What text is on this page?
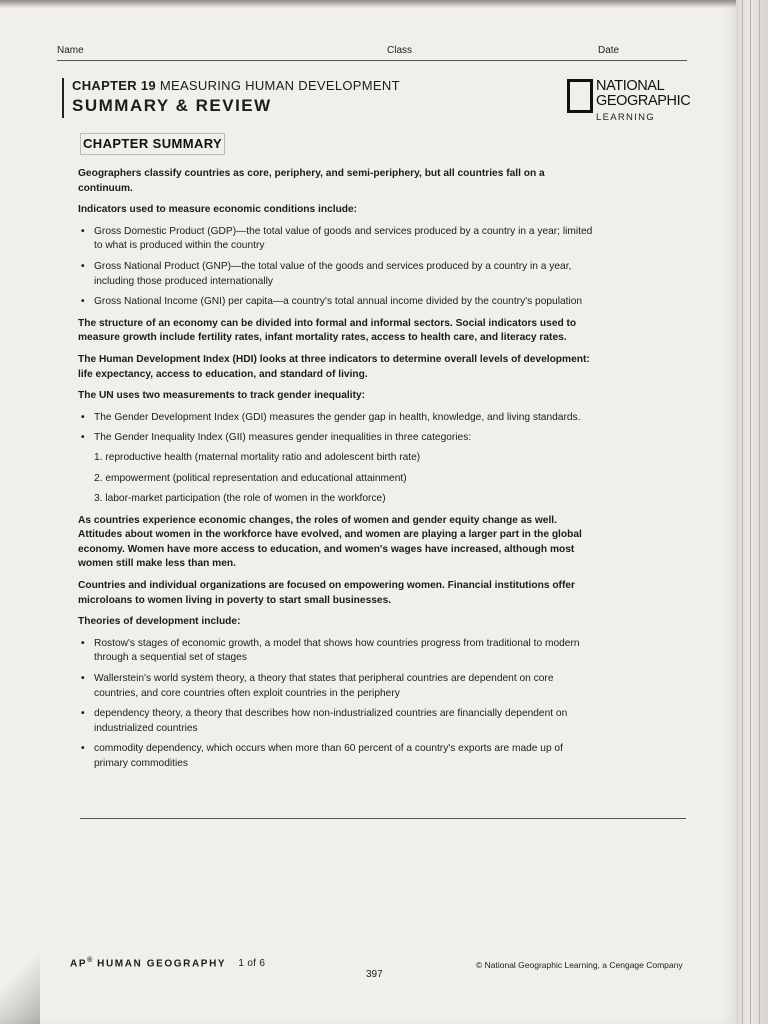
Name	Class	Date
CHAPTER 19 MEASURING HUMAN DEVELOPMENT
SUMMARY & REVIEW
NATIONAL
GEOGRAPHIC
LEARNING
CHAPTER SUMMARY

Geographers classify countries as core, periphery, and semi-periphery, but all countries fall on a continuum.

Indicators used to measure economic conditions include:

• Gross Domestic Product (GDP)—the total value of goods and services produced by a country in a year; limited to what is produced within the country
• Gross National Product (GNP)—the total value of the goods and services produced by a country in a year, including those produced internationally
• Gross National Income (GNI) per capita—a country's total annual income divided by the country's population

The structure of an economy can be divided into formal and informal sectors. Social indicators used to measure growth include fertility rates, infant mortality rates, access to health care, and literacy rates.

The Human Development Index (HDI) looks at three indicators to determine overall levels of development: life expectancy, access to education, and standard of living.

The UN uses two measurements to track gender inequality:

• The Gender Development Index (GDI) measures the gender gap in health, knowledge, and living standards.
• The Gender Inequality Index (GII) measures gender inequalities in three categories:
1. reproductive health (maternal mortality ratio and adolescent birth rate)
2. empowerment (political representation and educational attainment)
3. labor-market participation (the role of women in the workforce)

As countries experience economic changes, the roles of women and gender equity change as well. Attitudes about women in the workforce have evolved, and women are playing a larger part in the global economy. Women have more access to education, and women's wages have increased, although most women still make less than men.

Countries and individual organizations are focused on empowering women. Financial institutions offer microloans to women living in poverty to start small businesses.

Theories of development include:

• Rostow's stages of economic growth, a model that shows how countries progress from traditional to modern through a sequential set of stages
• Wallerstein's world system theory, a theory that states that peripheral countries are dependent on core countries, and core countries often exploit countries in the periphery
• dependency theory, a theory that describes how non-industrialized countries are financially dependent on industrialized countries
• commodity dependency, which occurs when more than 60 percent of a country's exports are made up of primary commodities
AP® HUMAN GEOGRAPHY 1 of 6
397
© National Geographic Learning, a Cengage Company
